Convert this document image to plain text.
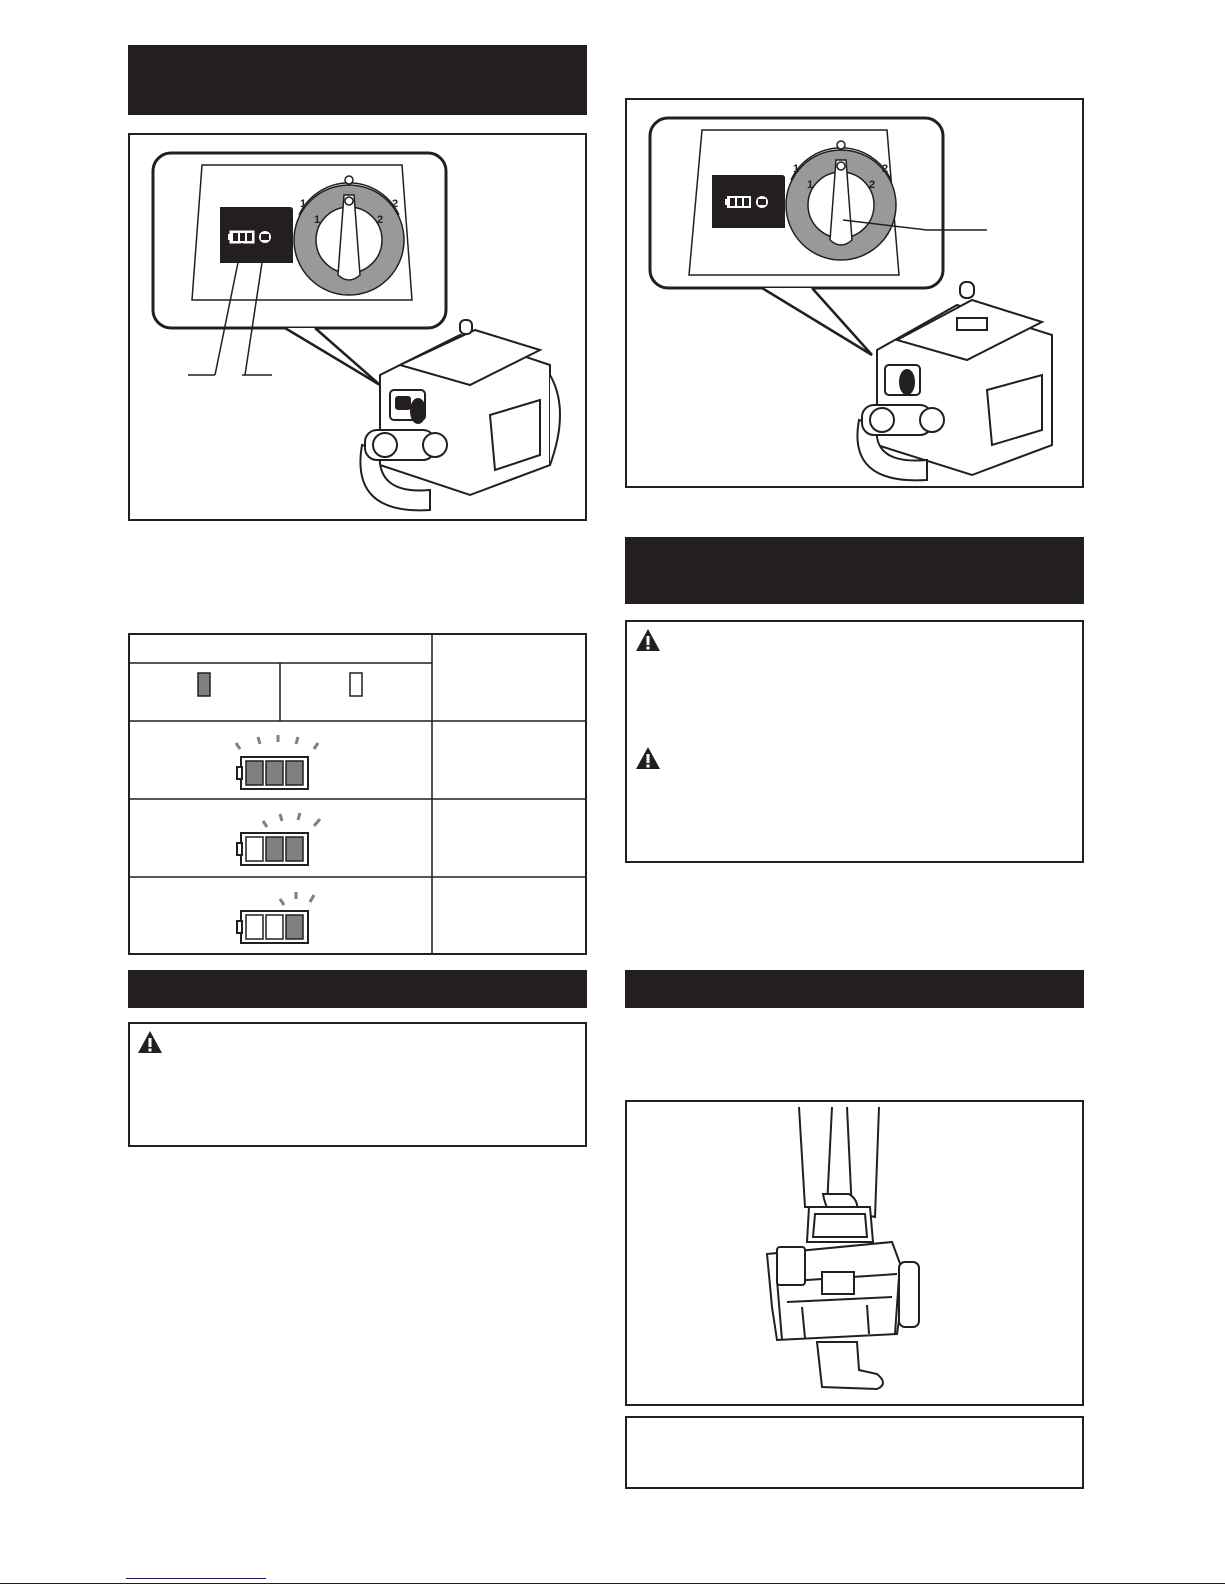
1	2
1	2
1	2
1	2
